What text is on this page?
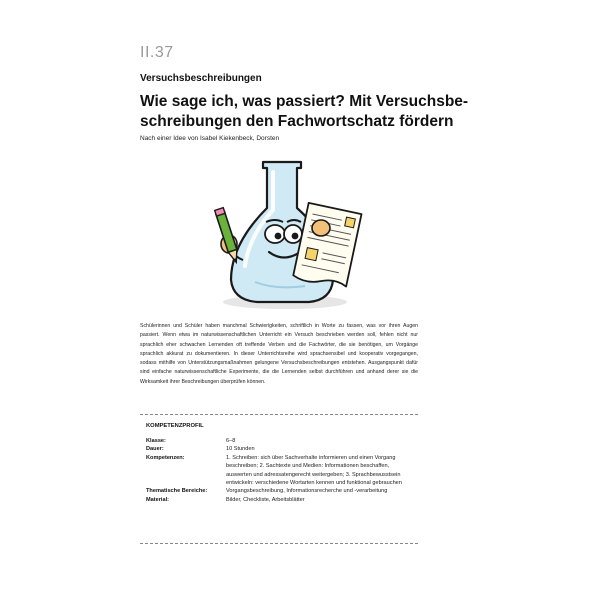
II.37
Versuchsbeschreibungen
Wie sage ich, was passiert? Mit Versuchsbe-
schreibungen den Fachwortschatz fördern
Nach einer Idee von Isabel Kiekenbeck, Dorsten

Schülerinnen und Schüler haben manchmal Schwierigkeiten, schriftlich in Worte zu fassen, was vor ihren Augen passiert. Wenn etwa im naturwissenschaftlichen Unterricht ein Versuch beschrieben werden soll, fehlen nicht nur sprachlich eher schwachen Lernenden oft treffende Verben und die Fachwörter, die sie benötigen, um Vorgänge sprachlich akkurat zu dokumentieren. In dieser Unterrichtsreihe wird sprachsensibel und kooperativ vorgegangen, sodass mithilfe von Unterstützungsmaßnahmen gelungene Versuchsbeschreibungen entstehen. Ausgangspunkt dafür sind einfache naturwissenschaftliche Experimente, die die Lernenden selbst durchführen und anhand derer sie die Wirksamkeit ihrer Beschreibungen überprüfen können.

KOMPETENZPROFIL
Klasse:	6–8
Dauer:	10 Stunden
Kompetenzen:	1. Schreiben: sich über Sachverhalte informieren und einen Vorgang beschreiben; 2. Sachtexte und Medien: Informationen beschaffen, auswerten und adressatengerecht weitergeben; 3. Sprachbewusstsein entwickeln: verschiedene Wortarten kennen und funktional gebrauchen
Thematische Bereiche:	Vorgangsbeschreibung, Informationsrecherche und -verarbeitung
Material:	Bilder, Checkliste, Arbeitsblätter
